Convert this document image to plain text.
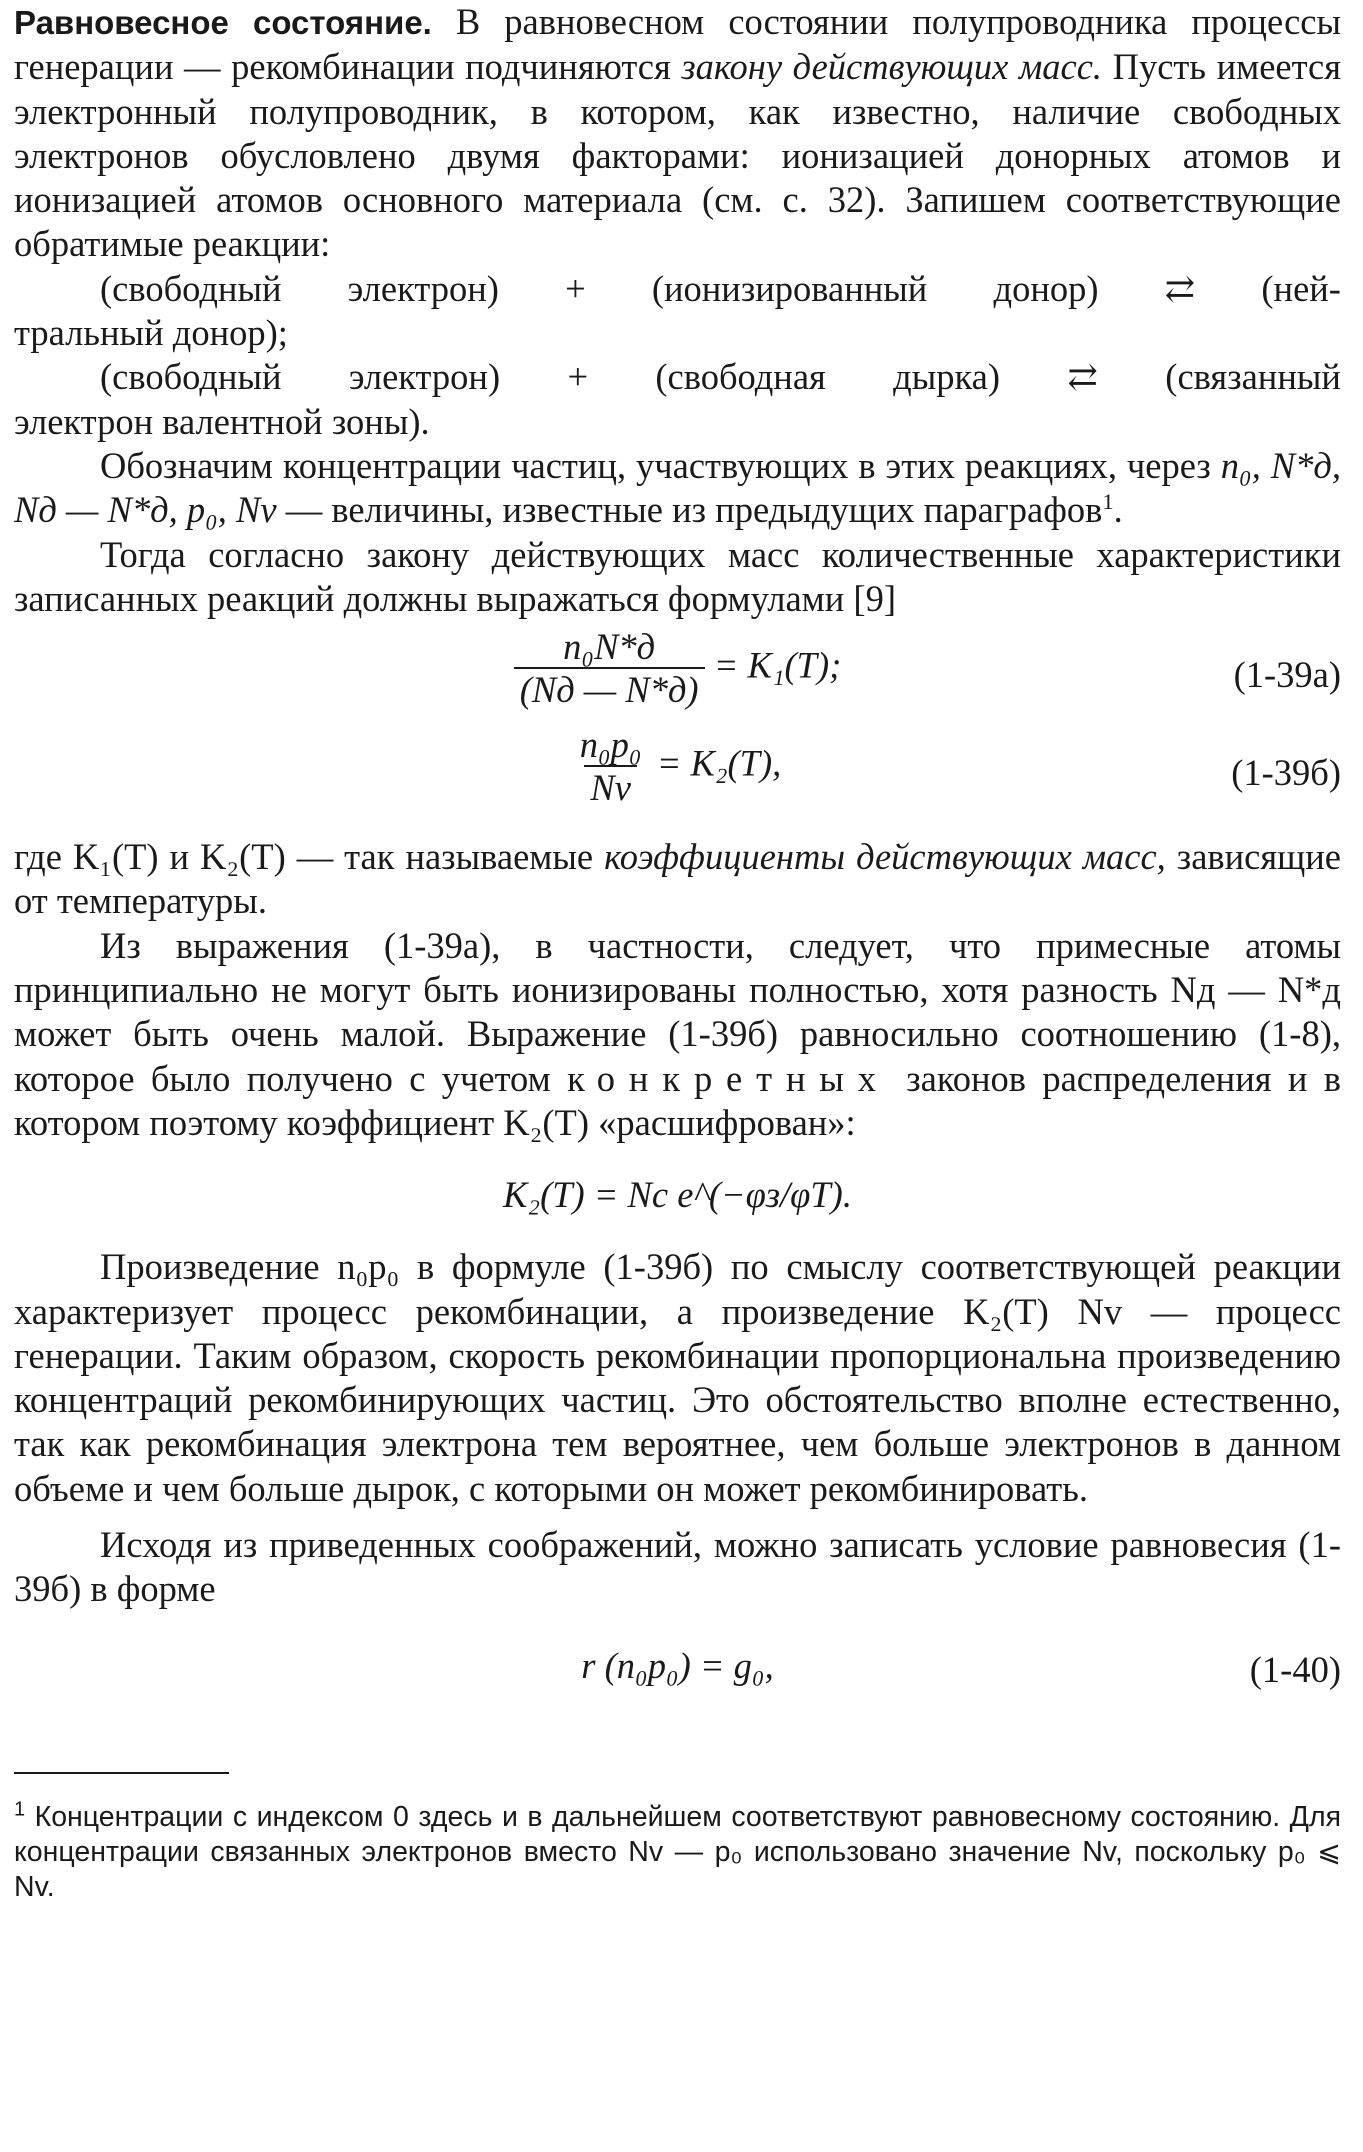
Равновесное состояние. В равновесном состоянии полупроводника процессы генерации — рекомбинации подчиняются закону действующих масс. Пусть имеется электронный полупроводник, в котором, как известно, наличие свободных электронов обусловлено двумя факторами: ионизацией донорных атомов и ионизацией атомов основного материала (см. с. 32). Запишем соответствующие обратимые реакции:

(свободный электрон) + (ионизированный донор) ⇄ (ней-

тральный донор);

(свободный электрон) + (свободная дырка) ⇄ (связанный

электрон валентной зоны).

Обозначим концентрации частиц, участвующих в этих реакциях, через n₀, N*д, Nд — N*д, p₀, Nv — величины, известные из предыдущих параграфов$^1$.

Тогда согласно закону действующих масс количественные характеристики записанных реакций должны выражаться формулами [9]

$\frac{\text{n₀N*д}}{(Nд — N*д)} = K_1(T)$;	(1-39а)
$\frac{\text{n₀p₀}}{Nv} = K_2(T)$,	(1-39б)

где K₁(T) и K₂(T) — так называемые коэффициенты действующих масс, зависящие от температуры.

Из выражения (1-39а), в частности, следует, что примесные атомы принципиально не могут быть ионизированы полностью, хотя разность Nд — N*д может быть очень малой. Выражение (1-39б) равносильно соотношению (1-8), которое было получено с учетом конкретных законов распределения и в котором поэтому коэффициент K₂(T) «расшифрован»:

K₂(T) = Nc e^(−φз/φT).

Произведение n₀p₀ в формуле (1-39б) по смыслу соответствующей реакции характеризует процесс рекомбинации, а произведение K₂(T) Nv — процесс генерации. Таким образом, скорость рекомбинации пропорциональна произведению концентраций рекомбинирующих частиц. Это обстоятельство вполне естественно, так как рекомбинация электрона тем вероятнее, чем больше электронов в данном объеме и чем больше дырок, с которыми он может рекомбинировать.

Исходя из приведенных соображений, можно записать условие равновесия (1-39б) в форме

r (n₀p₀) = g₀,	(1-40)

$^1$ Концентрации с индексом 0 здесь и в дальнейшем соответствуют равновесному состоянию. Для концентрации связанных электронов вместо Nv — p₀ использовано значение Nv, поскольку p₀ ⩽ Nv.
